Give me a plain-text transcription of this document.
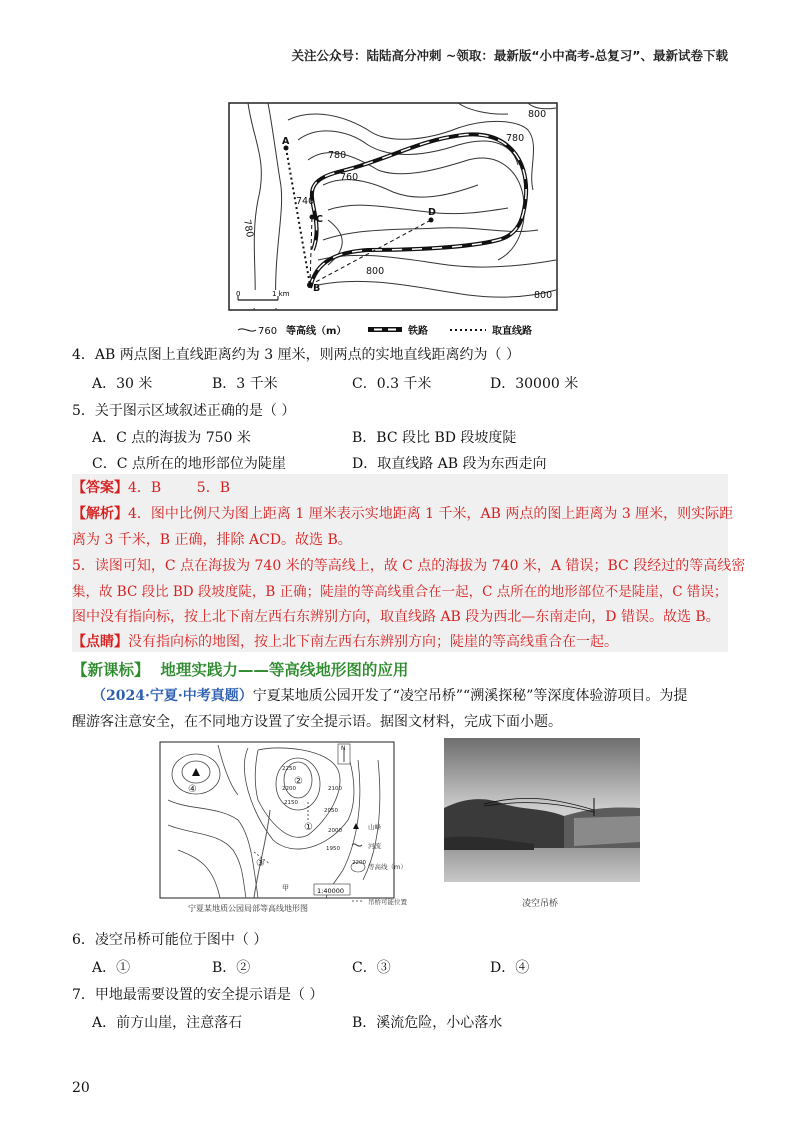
关注公众号：陆陆高分冲刺 ~领取：最新版“小中高考-总复习”、最新试卷下载
800
780
780
760
740
780
800
800
A
C
D
B
0	1 km
760 等高线（m）	铁路	取直线路
4．AB 两点图上直线距离约为 3 厘米，则两点的实地直线距离约为（ ）
A．30 米	B．3 千米	C．0.3 千米	D．30000 米
5．关于图示区域叙述正确的是（ ）
A．C 点的海拔为 750 米	B．BC 段比 BD 段坡度陡
C．C 点所在的地形部位为陡崖	D．取直线路 AB 段为东西走向
【答案】4．B        5．B
【解析】4．图中比例尺为图上距离 1 厘米表示实地距离 1 千米，AB 两点的图上距离为 3 厘米，则实际距
离为 3 千米，B 正确，排除 ACD。故选 B。
5．读图可知，C 点在海拔为 740 米的等高线上，故 C 点的海拔为 740 米，A 错误；BC 段经过的等高线密
集，故 BC 段比 BD 段坡度陡，B 正确；陡崖的等高线重合在一起，C 点所在的地形部位不是陡崖，C 错误；
图中没有指向标，按上北下南左西右东辨别方向，取直线路 AB 段为西北—东南走向，D 错误。故选 B。
【点睛】没有指向标的地图，按上北下南左西右东辨别方向；陡崖的等高线重合在一起。
【新课标】 地理实践力——等高线地形图的应用
（2024·宁夏·中考真题）宁夏某地质公园开发了“凌空吊桥”“溯溪探秘”等深度体验游项目。为提
醒游客注意安全，在不同地方设置了安全提示语。据图文材料，完成下面小题。
④
②
①
③
甲
N
2250
2200
2150
2100
2050
2000
1950
2200
1:40000
山峰
河流
等高线（m）
吊桥可能位置
宁夏某地质公园局部等高线地形图	凌空吊桥
6．凌空吊桥可能位于图中（ ）
A．①	B．②	C．③	D．④
7．甲地最需要设置的安全提示语是（ ）
A．前方山崖，注意落石	B．溪流危险，小心落水
20
